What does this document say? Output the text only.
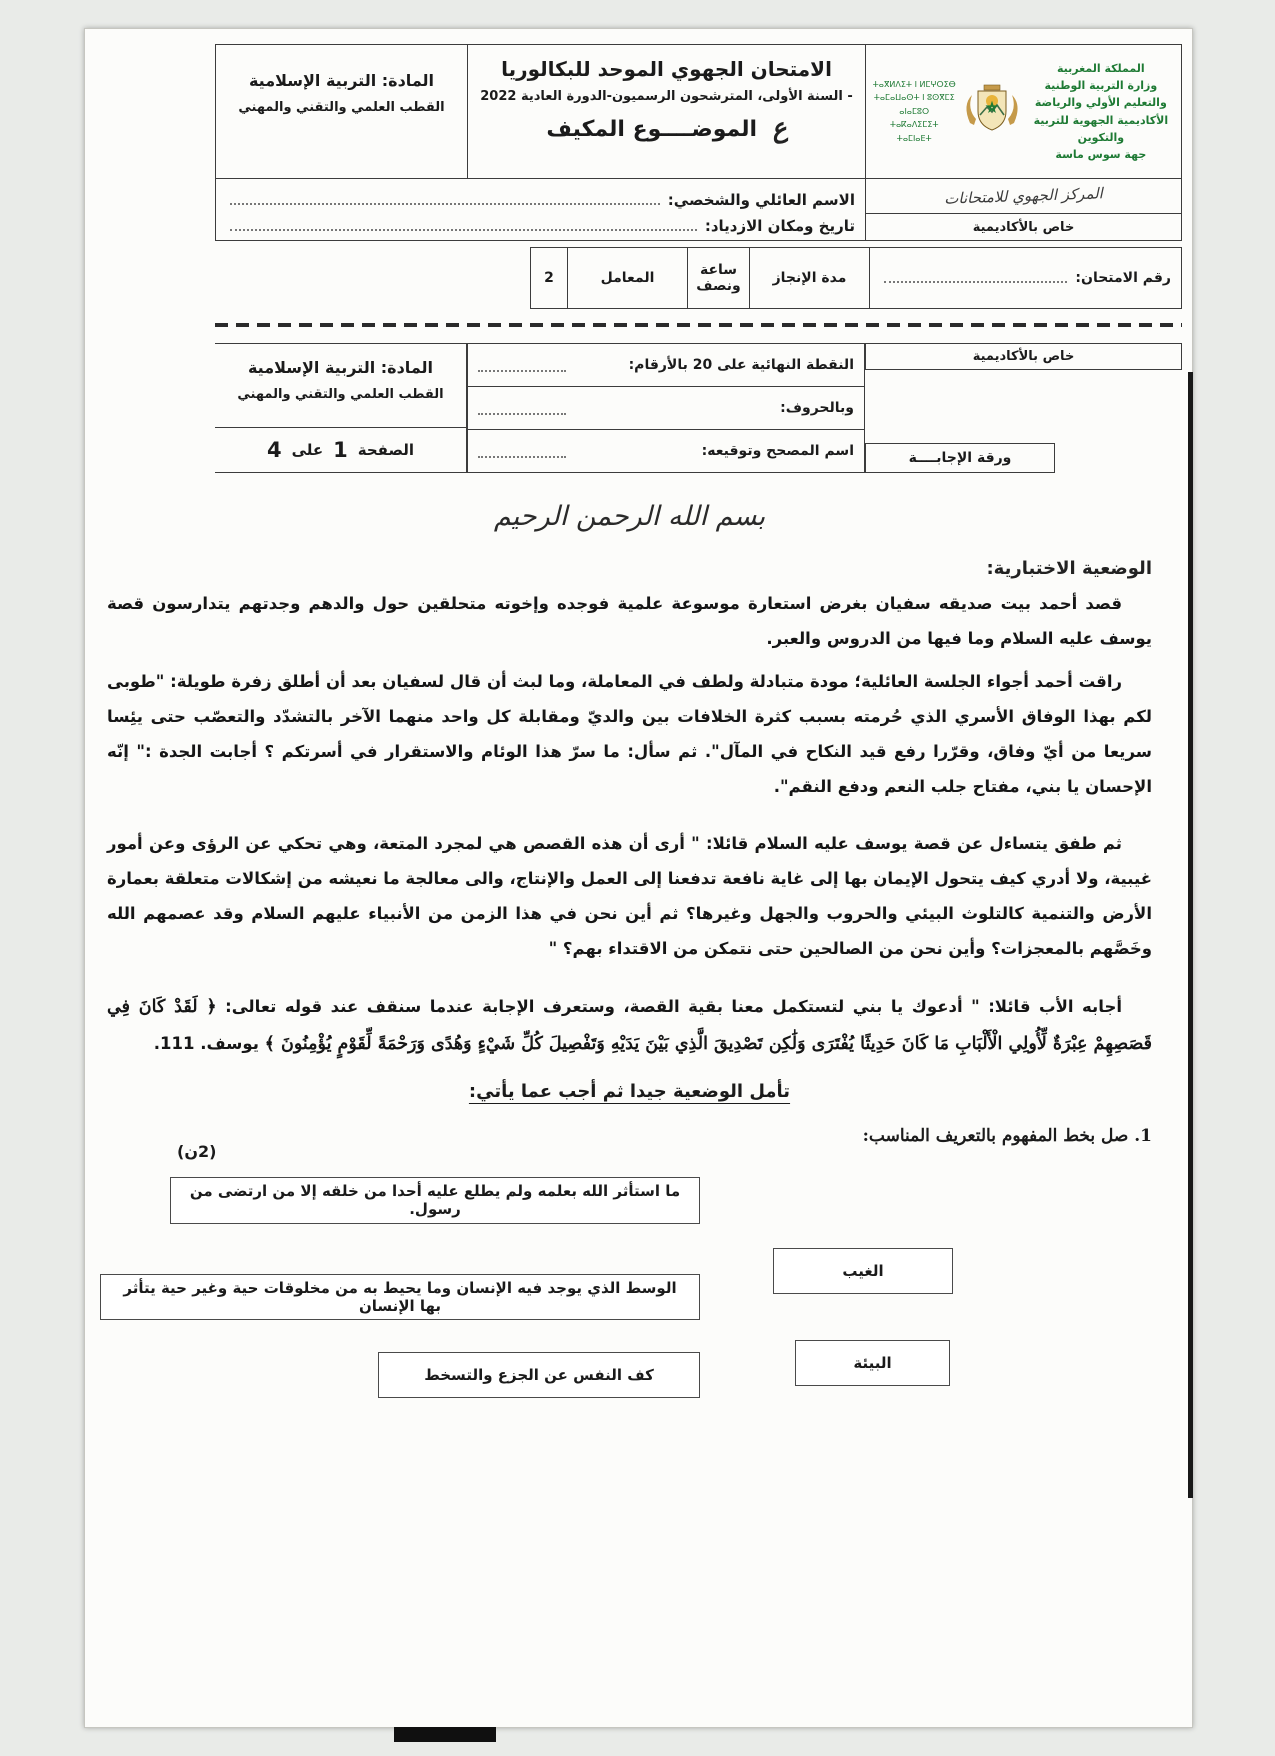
المملكة المغربية
وزارة التربية الوطنية
والتعليم الأولي والرياضة
الأكاديمية الجهوية للتربية والتكوين
جهة سوس ماسة
ⵜⴰⴳⵍⴷⵉⵜ ⵏ ⵍⵎⵖⵔⵉⴱ
ⵜⴰⵎⴰⵡⴰⵙⵜ ⵏ ⵓⵙⴳⵎⵉ ⴰⵏⴰⵎⵓⵔ
ⵜⴰⴽⴰⴷⵉⵎⵉⵜ ⵜⴰⵎⵏⴰⴹⵜ
الامتحان الجهوي الموحد للبكالوريا
- السنة الأولى، المترشحون الرسميون-الدورة العادية 2022
ع
الموضــــوع المكيف
المادة: التربية الإسلامية
القطب العلمي والتقني والمهني
المركز الجهوي للامتحانات
خاص بالأكاديمية
الاسم العائلي والشخصي:
تاريخ ومكان الازدياد:
رقم الامتحان:
مدة الإنجاز
ساعة ونصف
المعامل
2
خاص بالأكاديمية
ورقة الإجابــــة
النقطة النهائية على 20 بالأرقام:
وبالحروف:
اسم المصحح وتوقيعه:
المادة: التربية الإسلامية
القطب العلمي والتقني والمهني
الصفحة
1
على
4
بسم الله الرحمن الرحيم
الوضعية الاختبارية:

قصد أحمد بيت صديقه سفيان بغرض استعارة موسوعة علمية فوجده وإخوته متحلقين حول والدهم وجدتهم يتدارسون قصة يوسف عليه السلام وما فيها من الدروس والعبر.

راقت أحمد أجواء الجلسة العائلية؛ مودة متبادلة ولطف في المعاملة، وما لبث أن قال لسفيان بعد أن أطلق زفرة طويلة: "طوبى لكم بهذا الوفاق الأسري الذي حُرمته بسبب كثرة الخلافات بين والديّ ومقابلة كل واحد منهما الآخر بالتشدّد والتعصّب حتى يئِسا سريعا من أيّ وفاق، وقرّرا رفع قيد النكاح في المآل". ثم سأل: ما سرّ هذا الوئام والاستقرار في أسرتكم ؟ أجابت الجدة :" إنّه الإحسان يا بني، مفتاح جلب النعم ودفع النقم".

ثم طفق يتساءل عن قصة يوسف عليه السلام قائلا: " أرى أن هذه القصص هي لمجرد المتعة، وهي تحكي عن الرؤى وعن أمور غيبية، ولا أدري كيف يتحول الإيمان بها إلى غاية نافعة تدفعنا إلى العمل والإنتاج، والى معالجة ما نعيشه من إشكالات متعلقة بعمارة الأرض والتنمية كالتلوث البيئي والحروب والجهل وغيرها؟ ثم أين نحن في هذا الزمن من الأنبياء عليهم السلام وقد عصمهم الله وخَصَّهم بالمعجزات؟ وأين نحن من الصالحين حتى نتمكن من الاقتداء بهم؟ "

أجابه الأب قائلا: " أدعوك يا بني لتستكمل معنا بقية القصة، وستعرف الإجابة عندما سنقف عند قوله تعالى: ﴿ لَقَدْ كَانَ فِي قَصَصِهِمْ عِبْرَةٌ لِّأُولِي الْأَلْبَابِ مَا كَانَ حَدِيثًا يُفْتَرَى وَلَٰكِن تَصْدِيقَ الَّذِي بَيْنَ يَدَيْهِ وَتَفْصِيلَ كُلِّ شَيْءٍ وَهُدًى وَرَحْمَةً لِّقَوْمٍ يُؤْمِنُونَ ﴾ يوسف. 111.

تأمل الوضعية جيدا ثم أجب عما يأتي:
1. صل بخط المفهوم بالتعريف المناسب:
(2ن)
ما استأثر الله بعلمه ولم يطلع عليه أحدا من خلقه إلا من ارتضى من رسول.
الغيب
الوسط الذي يوجد فيه الإنسان وما يحيط به من مخلوقات حية وغير حية يتأثر بها الإنسان
البيئة
كف النفس عن الجزع والتسخط
